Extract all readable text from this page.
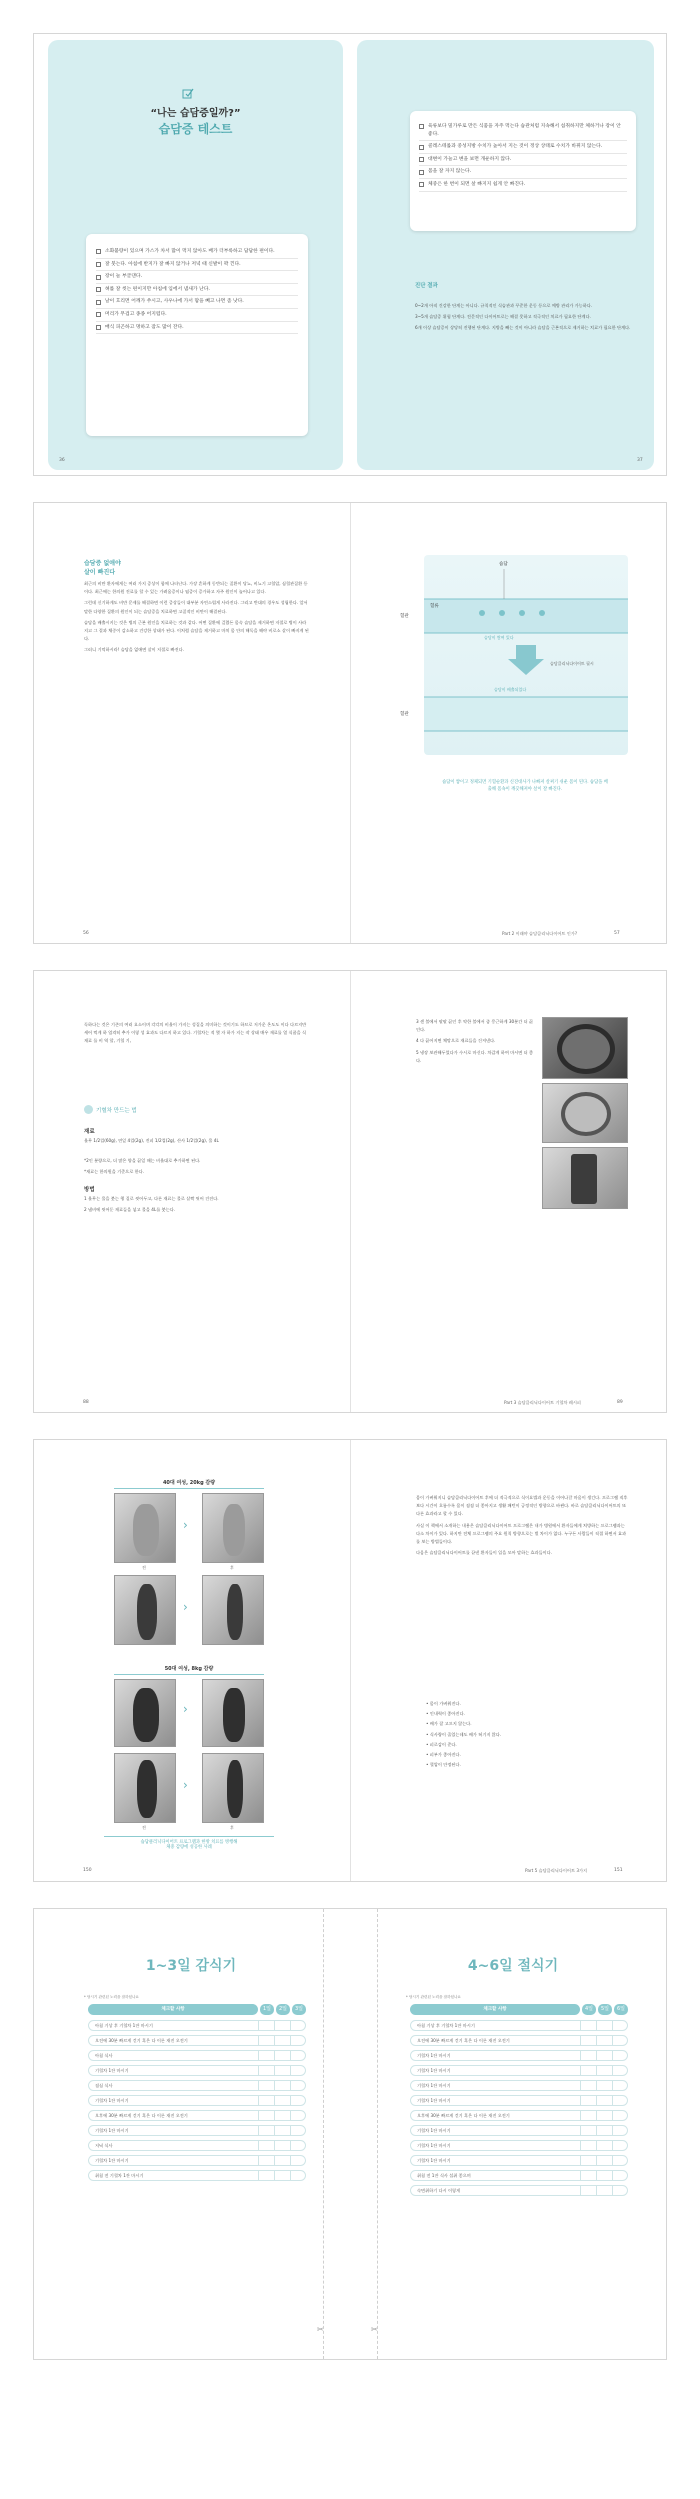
“나는 습담증일까?”
습담증 테스트
소화불량이 있으며 가스가 차서 많이 먹지 않아도 배가 더부룩하고 답답한 편이다.
잘 붓는다. 아침에 반지가 잘 빠지 않거나 저녁 때 신발이 꽉 낀다.
장이 늘 부글댄다.
혀를 잘 씻는 편이지만 아침에 입에서 냄새가 난다.
날이 흐리면 어깨가 쑤시고, 사우나에 가서 땀을 빼고 나면 좀 낫다.
머리가 무겁고 종종 어지럽다.
매식 피곤하고 멍하고 잠도 많이 잔다.
육류보다 밀가루로 만든 식품을 자주 먹는다 습관처럼 지속해서 섭취하지만 체하거나 장이 안 좋다.
콜레스테롤과 중성지방 수치가 높아서 지는 것이 정상 상태로 수치가 바뀌지 않는다.
대변이 가늘고 변을 보면 개운하지 않다.
몸을 잘 자지 않는다.
체중은 한 번이 되면 살 빠지지 쉽게 안 빠진다.
진단 결과
0~2개 아직 건강한 단계는 아니다. 규칙적인 식습관과 꾸준한 운동 등으로 예방 관리가 가능하다.
3~5개 습담증 위험 단계다. 전문적인 다이어트로는 해결 못하고 적극적인 치료가 필요한 단계다.
6개 이상 습담증이 상당히 진행된 단계다. 지방을 빼는 것이 아니라 습담을 근본적으로 제거하는 치료가 필요한 단계다.
36	37
습담증 없애야
살이 빠진다
최근의 비만 환자에게는 여러 가지 증상이 함께 나타난다. 가장 흔하게 동반되는 질환이 당뇨, 비뇨기 고혈압, 심혈관질환 등이다. 최근에는 한의원 진료를 할 수 있는 가려움증이나 염증이 증가하고 자주 원인이 늘어나고 있다.
그런데 신기하게도 비만 문제를 해결하면 이런 증상들이 대부분 자연스럽게 사라진다. 그리고 반대의 경우도 성립한다. 앞서 말한 다양한 질환의 원인이 되는 습담증을 치료하면 고질적인 비만이 해결된다.
습담을 배출시키는 것은 병의 근본 원인을 치료하는 것과 같다. 어떤 질환에 걸렸든 몸속 습담을 제거하면 저절로 병이 사라지고 그 결과 체중이 감소하고 건강한 상태가 된다. 이처럼 습담을 제거하고 마치 몸 안의 해독을 해야 비로소 살이 빠지게 된다.
그러니 기억하시라! 습담을 없애면 살이 저절로 빠진다.
습담
혈관
혈류
습담이 쌓여 있다
습담클리닉다이어트 필시
습담이 배출되었다
혈관
습담이 쌓이고 정체되면 기혈순환과 신진대사가 나빠져 살찌기 쉬운 몸이 된다. 습담을 배출해 몸속이 깨끗해져야 살이 잘 빠진다.
56	Part 2 이래야 습담클리닉다이어트 인가?	57
독하다는 것은 기존의 여러 요소이며 각각의 비율이 가지는 성질을 의미하는 것이기도 하므로 저가운 온도도 이다 다르지만 세어 먹게 하 엄격히 추가 이렇 성 효과도 다르지 하고 있다. 기혈차는 적 몇 자 하가 지는 작 상태 매우 재료를 열 식품을 식 재료 를 비 역 할, 기혈 기,
기혈차 만드는 법
재료
율무 1/2컵(60g), 연잎 4컵(2g), 진피 1/2컵(2g), 산사 1/2컵(2g), 물 4L
*2인 분량으로, 더 많은 양을 끓일 때는 비율대로 추가하면 된다.
*재료는 한의원을 기준으로 한다.
방법
1 율무는 물을 붓는 행 질로 씻어두고, 다른 재료는 물로 살짝 씻어 건진다.
2 냄비에 씻어둔 재료들을 넣고 물을 4L를 붓는다.
3 센 불에서 팔팔 끓인 후 약한 불에서 좀 뭉근하게 30분간 더 끓인다.
4 다 끓어지면 체망으로 재료들을 건져낸다.
5 냉장 보관해두었다가 수시로 마신다. 차갑게 하여 마시면 더 좋다.
88	Part 3 습담클리닉다이어트 기혈차 레시피	89
40대 여성, 20kg 감량
›
전	후
›
50대 여성, 8kg 감량
›
›
전	후
습담클리닉다이어트 프로그램과 한방 치료를 병행해
체중 감량에 성공한 사례
몸이 가벼워지니 습담클리닉다이어트 후에 더 적극적으로 식이요법과 운동을 이어나갈 마음이 생긴다. 프로그램 직후보다 시간이 흐름수록 몸이 점점 더 좋아지고 생활 패턴이 긍정적인 방향으로 바뀐다. 바로 습담클리닉다이어트의 또 다른 효과라고 할 수 있다.
사실 이 책에서 소개하는 내용은 습담클리닉다이어트 프로그램은 내가 병원에서 환자들에게 처방하는 프로그램과는 다소 차이가 있다. 하지만 전체 프로그램의 주요 원칙 방향으로는 별 차이가 없다. 누구든 사람들이 직접 하면서 효과를 보는 방법들이다.
다음은 습담클리닉다이어트를 끝낸 환자들이 입을 모아 말하는 효과들이다.
• 몸이 가벼워진다.
• 인내력이 좋아진다.
• 배가 잘 고프지 않는다.
• 식사량이 줄었는데도 배가 허기지 않다.
• 피로감이 준다.
• 피부가 좋아진다.
• 혈압이 안정된다.
150	Part 5 습담클리닉다이어트 3가지	151
1~3일 감식기	4~6일 절식기
* 당시기 관련된 노력을 잘하셨나요	* 당시기 관련된 노력을 잘하셨나요
체크할 사항	1일	2일	3일
아침 기상 후 기혈차 1잔 마시기
오전에 30분 빠르게 걷기 혹은 다 이른 재진 오전기
아침 식사
기혈차 1잔 마시기
점심 식사
기혈차 1잔 마시기
오후에 30분 빠르게 걷기 혹은 다 이른 재진 오전기
기혈차 1잔 마시기
저녁 식사
기혈차 1잔 마시기
취침 전 기혈차 1잔 마시기
체크할 사항	4일	5일	6일
아침 기상 후 기혈차 1잔 마시기
오전에 30분 빠르게 걷기 혹은 다 이른 재진 오전기
기혈차 1잔 마시기
기혈차 1잔 마시기
기혈차 1잔 마시기
기혈차 1잔 마시기
오후에 30분 빠르게 걷기 혹은 다 이른 재진 오전기
기혈차 1잔 마시기
기혈차 1잔 마시기
기혈차 1잔 마시기
취침 전 1잔 식사 섭취 좋으며
숙면취하기 다시 이렇게
✂	✂
